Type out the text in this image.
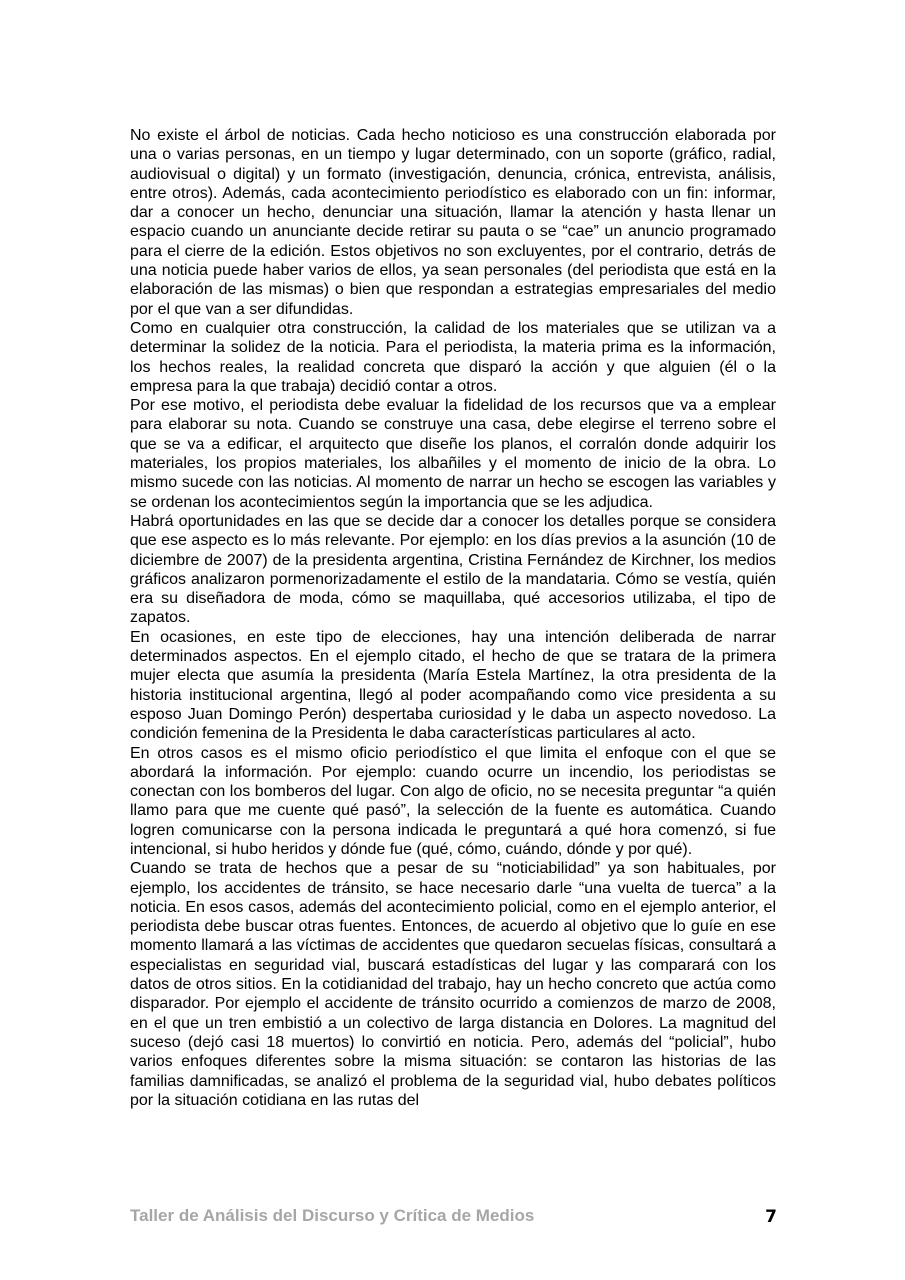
No existe el árbol de noticias. Cada hecho noticioso es una construcción elaborada por una o varias personas, en un tiempo y lugar determinado, con un soporte (gráfico, radial, audiovisual o digital) y un formato (investigación, denuncia, crónica, entrevista, análisis, entre otros). Además, cada acontecimiento periodístico es elaborado con un fin: informar, dar a conocer un hecho, denunciar una situación, llamar la atención y hasta llenar un espacio cuando un anunciante decide retirar su pauta o se “cae” un anuncio programado para el cierre de la edición. Estos objetivos no son excluyentes, por el contrario, detrás de una noticia puede haber varios de ellos, ya sean personales (del periodista que está en la elaboración de las mismas) o bien que respondan a estrategias empresariales del medio por el que van a ser difundidas.

Como en cualquier otra construcción, la calidad de los materiales que se utilizan va a determinar la solidez de la noticia. Para el periodista, la materia prima es la información, los hechos reales, la realidad concreta que disparó la acción y que alguien (él o la empresa para la que trabaja) decidió contar a otros.

Por ese motivo, el periodista debe evaluar la fidelidad de los recursos que va a emplear para elaborar su nota. Cuando se construye una casa, debe elegirse el terreno sobre el que se va a edificar, el arquitecto que diseñe los planos, el corralón donde adquirir los materiales, los propios materiales, los albañiles y el momento de inicio de la obra. Lo mismo sucede con las noticias. Al momento de narrar un hecho se escogen las variables y se ordenan los acontecimientos según la importancia que se les adjudica.

Habrá oportunidades en las que se decide dar a conocer los detalles porque se considera que ese aspecto es lo más relevante. Por ejemplo: en los días previos a la asunción (10 de diciembre de 2007) de la presidenta argentina, Cristina Fernández de Kirchner, los medios gráficos analizaron pormenorizadamente el estilo de la mandataria. Cómo se vestía, quién era su diseñadora de moda, cómo se maquillaba, qué accesorios utilizaba, el tipo de zapatos.

En ocasiones, en este tipo de elecciones, hay una intención deliberada de narrar determinados aspectos. En el ejemplo citado, el hecho de que se tratara de la primera mujer electa que asumía la presidenta (María Estela Martínez, la otra presidenta de la historia institucional argentina, llegó al poder acompañando como vice presidenta a su esposo Juan Domingo Perón) despertaba curiosidad y le daba un aspecto novedoso. La condición femenina de la Presidenta le daba características particulares al acto.

En otros casos es el mismo oficio periodístico el que limita el enfoque con el que se abordará la información. Por ejemplo: cuando ocurre un incendio, los periodistas se conectan con los bomberos del lugar. Con algo de oficio, no se necesita preguntar “a quién llamo para que me cuente qué pasó”, la selección de la fuente es automática. Cuando logren comunicarse con la persona indicada le preguntará a qué hora comenzó, si fue intencional, si hubo heridos y dónde fue (qué, cómo, cuándo, dónde y por qué).

Cuando se trata de hechos que a pesar de su “noticiabilidad” ya son habituales, por ejemplo, los accidentes de tránsito, se hace necesario darle “una vuelta de tuerca” a la noticia. En esos casos, además del acontecimiento policial, como en el ejemplo anterior, el periodista debe buscar otras fuentes. Entonces, de acuerdo al objetivo que lo guíe en ese momento llamará a las víctimas de accidentes que quedaron secuelas físicas, consultará a especialistas en seguridad vial, buscará estadísticas del lugar y las comparará con los datos de otros sitios. En la cotidianidad del trabajo, hay un hecho concreto que actúa como disparador. Por ejemplo el accidente de tránsito ocurrido a comienzos de marzo de 2008, en el que un tren embistió a un colectivo de larga distancia en Dolores. La magnitud del suceso (dejó casi 18 muertos) lo convirtió en noticia. Pero, además del “policial”, hubo varios enfoques diferentes sobre la misma situación: se contaron las historias de las familias damnificadas, se analizó el problema de la seguridad vial, hubo debates políticos por la situación cotidiana en las rutas del

Taller de Análisis del Discurso y Crítica de Medios	7
